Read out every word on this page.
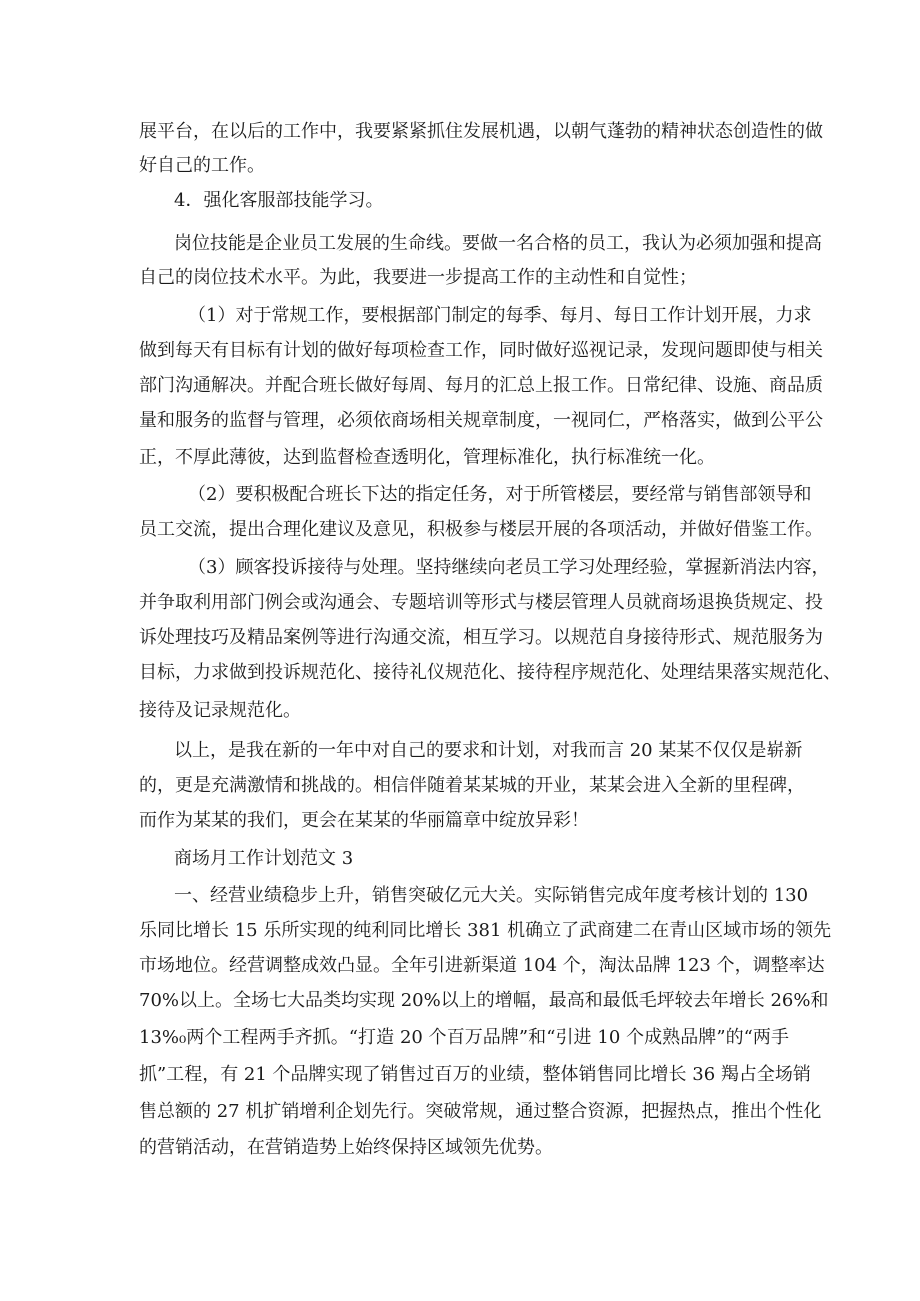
展平台，在以后的工作中，我要紧紧抓住发展机遇，以朝气蓬勃的精神状态创造性的做
好自己的工作。
4．强化客服部技能学习。
岗位技能是企业员工发展的生命线。要做一名合格的员工，我认为必须加强和提高
自己的岗位技术水平。为此，我要进一步提高工作的主动性和自觉性；
（1）对于常规工作，要根据部门制定的每季、每月、每日工作计划开展，力求
做到每天有目标有计划的做好每项检查工作，同时做好巡视记录，发现问题即使与相关
部门沟通解决。并配合班长做好每周、每月的汇总上报工作。日常纪律、设施、商品质
量和服务的监督与管理，必须依商场相关规章制度，一视同仁，严格落实，做到公平公
正，不厚此薄彼，达到监督检查透明化，管理标准化，执行标准统一化。
（2）要积极配合班长下达的指定任务，对于所管楼层，要经常与销售部领导和
员工交流，提出合理化建议及意见，积极参与楼层开展的各项活动，并做好借鉴工作。
（3）顾客投诉接待与处理。坚持继续向老员工学习处理经验，掌握新消法内容，
并争取利用部门例会或沟通会、专题培训等形式与楼层管理人员就商场退换货规定、投
诉处理技巧及精品案例等进行沟通交流，相互学习。以规范自身接待形式、规范服务为
目标，力求做到投诉规范化、接待礼仪规范化、接待程序规范化、处理结果落实规范化、
接待及记录规范化。
以上，是我在新的一年中对自己的要求和计划，对我而言 20 某某不仅仅是崭新
的，更是充满激情和挑战的。相信伴随着某某城的开业，某某会进入全新的里程碑，
而作为某某的我们，更会在某某的华丽篇章中绽放异彩！
商场月工作计划范文 3
一、经营业绩稳步上升，销售突破亿元大关。实际销售完成年度考核计划的 130
乐同比增长 15 乐所实现的纯利同比增长 381 机确立了武商建二在青山区域市场的领先
市场地位。经营调整成效凸显。全年引进新渠道 104 个，淘汰品牌 123 个，调整率达
70%以上。全场七大品类均实现 20%以上的增幅，最高和最低毛坪较去年增长 26%和
13%₀两个工程两手齐抓。“打造 20 个百万品牌”和“引进 10 个成熟品牌”的“两手
抓”工程，有 21 个品牌实现了销售过百万的业绩，整体销售同比增长 36 羯占全场销
售总额的 27 机扩销增利企划先行。突破常规，通过整合资源，把握热点，推出个性化
的营销活动，在营销造势上始终保持区域领先优势。
